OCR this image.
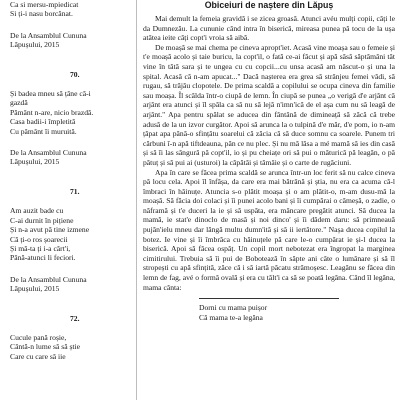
Ca si mersu-mpiedicat

Si ți-i nasu borcănat.

De la Ansamblul Cununa

Lăpușului, 2015

70.

Și badea mneu să țâne că-i

gazdă

Pământ n-are, nicio brazdă.

Casa badii-i împletită

Cu pământ îi muruită.

De la Ansamblul Cununa

Lăpușului, 2015

71.

Am auzit bade cu

C-ai durnit în pițiene

Și n-a avut pă tine izmene

Că ți-o ros șoarecii

Și mă-ta ți i-a cârt'i,

Până-atunci li feciori.

De la Ansamblul Cununa

Lăpușului, 2015

72.

Cucule pană roșie,

Cântă-n lume să să știe

Care cu care să iie

Obiceiuri de naștere din Lăpuș

Mai demult la femeia gravidă i se zicea groasă. Atunci avéu mulți copii, câți le da Dumnezău. La cununie când intra în biserică, mireasa punea pă tocu de la ușa atâtea ieite câți copt'i vroia să aibă.

De moașă se mai chema pe cineva apropt'iet. Acasă vine moașa sau o femeie și t'e moașă acolo și taie buricu, la copt'il, o fată ce-ai făcut și apă săsă săptămâni tăt vine în tătă sara și te ungea cu cu copcii...cu unsa acasă am născut-o și una la spital. Acasă că n-am apucat..." Dacă nașterea era grea să strânjeu femei vădi, să rugau, să trăjău clopotele. De prima scaldă a copilului se ocupa cineva din familie sau moașa. Îl scălda într-o ciupă de lemn. În ciupă se punea „o verigă d'e arjânt că arjânt era atunci și îl spăla ca să nu să lejă n'imn'ică de el așa cum nu să leagă de arjânt." Apa pentru spălat se aducea din fântână de dimineață să zăcă că trebe adusă de la un izvor curgător. Apoi să arunca la o tulpină d'e măr, d'e pom, io n-am țăpat apa pănă-o sfințâtu soarelui că zăcia că să duce somnu ca soarele. Punem tri cărbuni î-n apă tiftdeauna, păn ce nu plec. Și nu mă lăsa a mé mamă să ies din casă și să îi las sângură pă copt'il, io și pu cheiațe ori să pui o măturică pă leagăn, o pă pătuț și să pui ai (usturoi) la căpătâi și tămâie și o carte de rugăciuni.

Apa în care se făcea prima scaldă se arunca într-un loc ferit să nu calce cineva pă locu cela. Apoi îl înfășa, da care era mai bătrână și știa, nu era ca acuma că-l îmbraci în hăinuțe. Atuncia s-o plătit moașa și o am plătit-o, m-am dusu-mă la moașă. Să făcia doi colaci și îi punei acolo bani și îi cumpărai o cămeșă, o zadie, o năframă și t'e duceri la ie și să uspăta, era mâncare pregătit atunci. Să ducea la mamă, ie stat'e dinoclo de masă și noi dinco' și îi dădem daru: să primneauă pujăn'ielu mneu dar lăngă multu dumn'ită și să ii iertătore." Nașa ducea copilul la botez. Ie vine și îi îmbrăca cu hăinuțele pă care le-o cumpărat ie și-l ducea la biserică. Apoi să făcea ospăț. Un copil mort nebotezat era îngropat la marginea cimitirului. Trebuia să îi pui de Bobotează în săpte ani câte o lumânare și să îl stropești cu apă sfințită, zăce că i să iartă păcatu strămoșesc. Leagănu se făcea din lemn de fag, avé o formă ovală și era cu tălt'i ca să se poată legăna. Când îl legăna, mama cânta:

Dorni cu mama puișor
Că mama te-a legăna
